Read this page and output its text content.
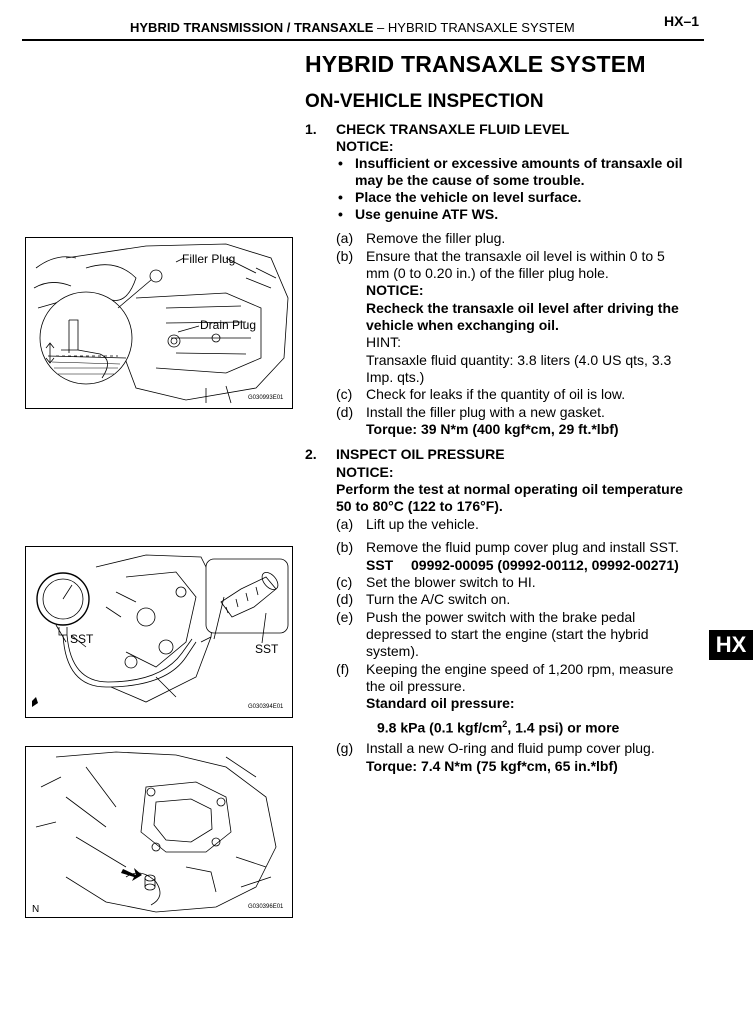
HYBRID TRANSMISSION / TRANSAXLE – HYBRID TRANSAXLE SYSTEM	HX–1
HYBRID TRANSAXLE SYSTEM
ON-VEHICLE INSPECTION
1. CHECK TRANSAXLE FLUID LEVEL
NOTICE:
• Insufficient or excessive amounts of transaxle oil
may be the cause of some trouble.
• Place the vehicle on level surface.
• Use genuine ATF WS.
(a) Remove the filler plug.
(b) Ensure that the transaxle oil level is within 0 to 5
mm (0 to 0.20 in.) of the filler plug hole.
NOTICE:
Recheck the transaxle oil level after driving the
vehicle when exchanging oil.
HINT:
Transaxle fluid quantity: 3.8 liters (4.0 US qts, 3.3
Imp. qts.)
(c) Check for leaks if the quantity of oil is low.
(d) Install the filler plug with a new gasket.
Torque: 39 N*m (400 kgf*cm, 29 ft.*lbf)
2. INSPECT OIL PRESSURE
NOTICE:
Perform the test at normal operating oil temperature
50 to 80°C (122 to 176°F).
(a) Lift up the vehicle.
(b) Remove the fluid pump cover plug and install SST.
SST 09992-00095 (09992-00112, 09992-00271)
(c) Set the blower switch to HI.
(d) Turn the A/C switch on.
(e) Push the power switch with the brake pedal
depressed to start the engine (start the hybrid
system).
(f) Keeping the engine speed of 1,200 rpm, measure
the oil pressure.
Standard oil pressure:
9.8 kPa (0.1 kgf/$cm^2$, 1.4 psi) or more
(g) Install a new O-ring and fluid pump cover plug.
Torque: 7.4 N*m (75 kgf*cm, 65 in.*lbf)
HX
Filler Plug
Drain Plug
G030993E01
SST
SST
G030394E01
N	G030396E01
